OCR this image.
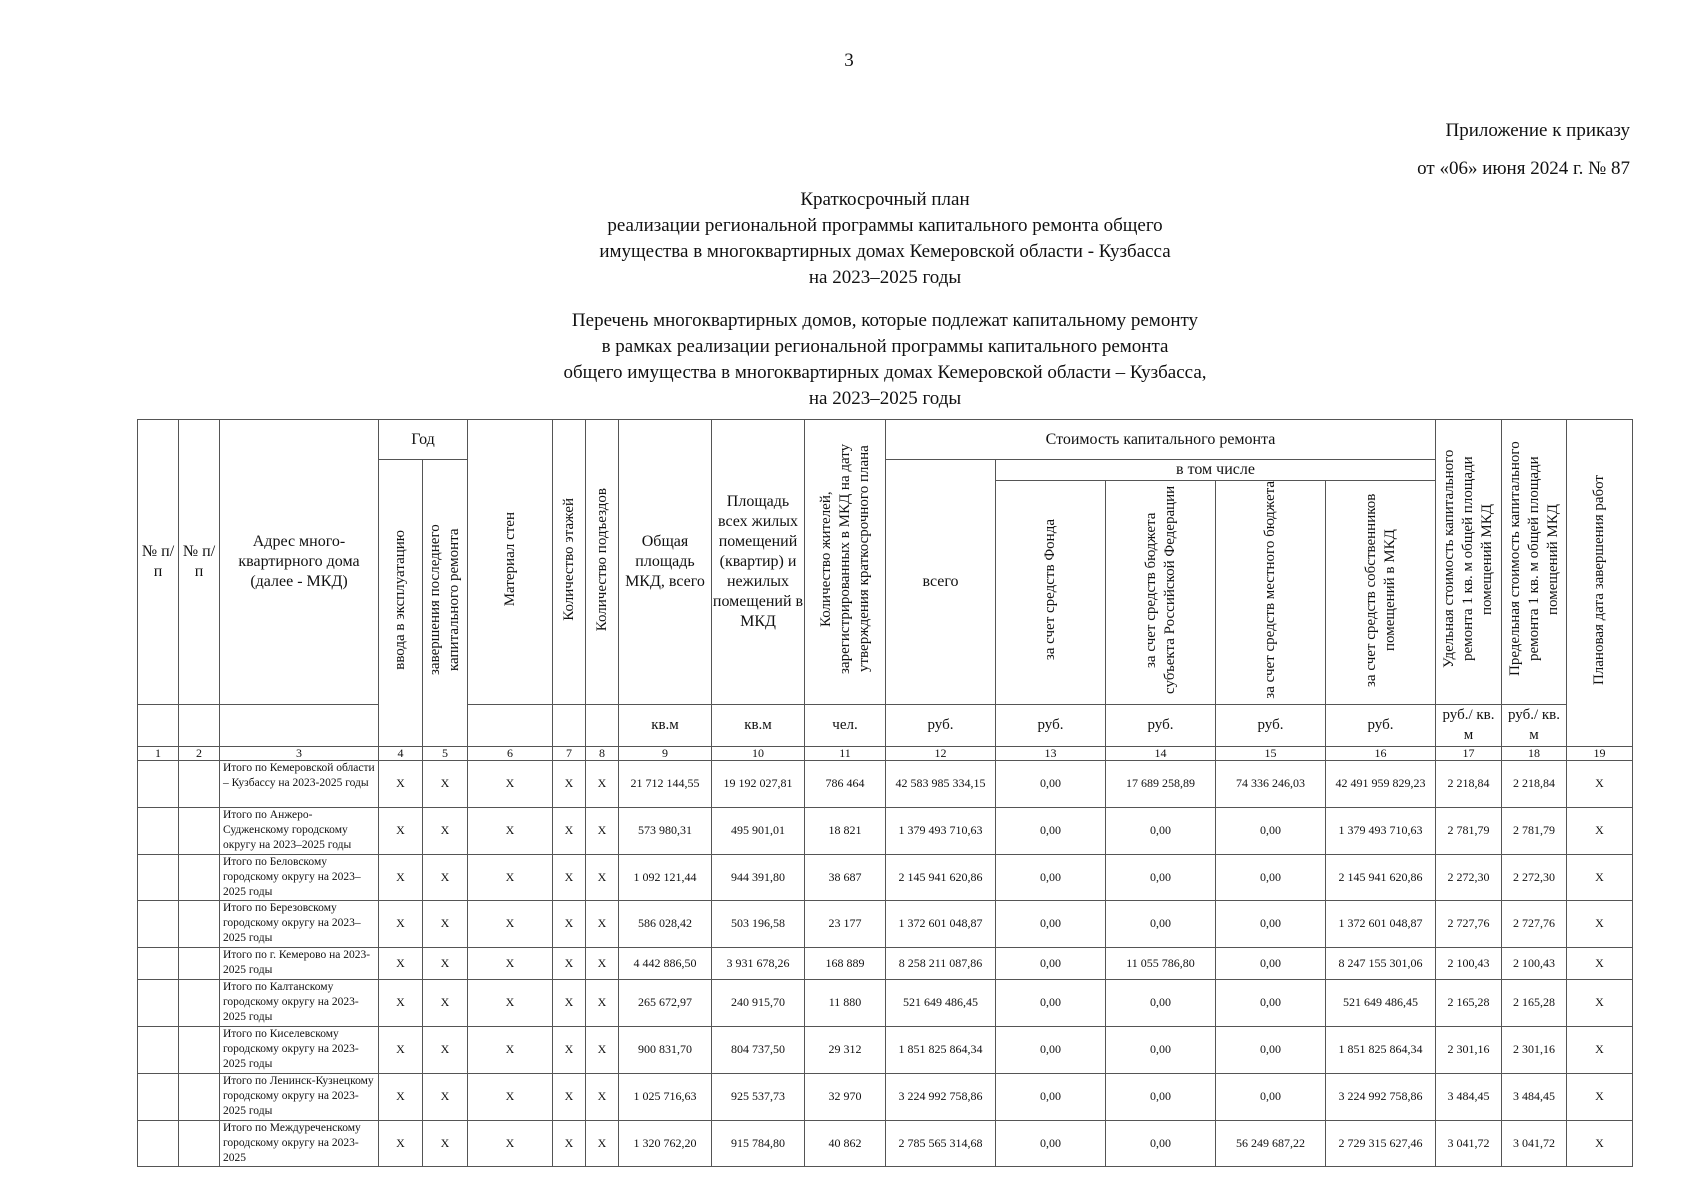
3
Приложение к приказу
от «06» июня 2024 г. № 87
Краткосрочный план
реализации региональной программы капитального ремонта общего
имущества в многоквартирных домах Кемеровской области - Кузбасса
на 2023–2025 годы
Перечень многоквартирных домов, которые подлежат капитальному ремонту
в рамках реализации региональной программы капитального ремонта
общего имущества в многоквартирных домах Кемеровской области – Кузбасса,
на 2023–2025 годы
№ п/п	№ п/п	Адрес много-квартирного дома (далее - МКД)	Год		Материал стен	Количество этажей	Количество подъездов	Общая площадь МКД, всего	Площадь всех жилых помещений (квартир) и нежилых помещений в МКД	Количество жителей, зарегистрированных в МКД на дату утверждения краткосрочного плана	Стоимость капитального ремонта					Удельная стоимость капитального ремонта 1 кв. м общей площади помещений МКД	Предельная стоимость капитального ремонта 1 кв. м общей площади помещений МКД	Плановая дата завершения работ
			ввода в эксплуатацию	завершения последнего капитального ремонта							всего	в том числе						
												за счет средств Фонда	за счет средств бюджета субъекта Российской Федерации	за счет средств местного бюджета	за счет средств собственников помещений в МКД			
								кв.м	кв.м	чел.	руб.	руб.	руб.	руб.	руб.	руб./ кв. м	руб./ кв. м	
1	2	3	4	5	6	7	8	9	10	11	12	13	14	15	16	17	18	19
		Итого по Кемеровской области – Кузбассу на 2023-2025 годы	X	X	X	X	X	21 712 144,55	19 192 027,81	786 464	42 583 985 334,15	0,00	17 689 258,89	74 336 246,03	42 491 959 829,23	2 218,84	2 218,84	X
		Итого по Анжеро-Судженскому городскому округу на 2023–2025 годы	X	X	X	X	X	573 980,31	495 901,01	18 821	1 379 493 710,63	0,00	0,00	0,00	1 379 493 710,63	2 781,79	2 781,79	X
		Итого по Беловскому городскому округу на 2023–2025 годы	X	X	X	X	X	1 092 121,44	944 391,80	38 687	2 145 941 620,86	0,00	0,00	0,00	2 145 941 620,86	2 272,30	2 272,30	X
		Итого по Березовскому городскому округу на 2023–2025 годы	X	X	X	X	X	586 028,42	503 196,58	23 177	1 372 601 048,87	0,00	0,00	0,00	1 372 601 048,87	2 727,76	2 727,76	X
		Итого по г. Кемерово на 2023-2025 годы	X	X	X	X	X	4 442 886,50	3 931 678,26	168 889	8 258 211 087,86	0,00	11 055 786,80	0,00	8 247 155 301,06	2 100,43	2 100,43	X
		Итого по Калтанскому городскому округу на 2023-2025 годы	X	X	X	X	X	265 672,97	240 915,70	11 880	521 649 486,45	0,00	0,00	0,00	521 649 486,45	2 165,28	2 165,28	X
		Итого по Киселевскому городскому округу на 2023-2025 годы	X	X	X	X	X	900 831,70	804 737,50	29 312	1 851 825 864,34	0,00	0,00	0,00	1 851 825 864,34	2 301,16	2 301,16	X
		Итого по Ленинск-Кузнецкому городскому округу на 2023-2025 годы	X	X	X	X	X	1 025 716,63	925 537,73	32 970	3 224 992 758,86	0,00	0,00	0,00	3 224 992 758,86	3 484,45	3 484,45	X
		Итого по Междуреченскому городскому округу на 2023-2025	X	X	X	X	X	1 320 762,20	915 784,80	40 862	2 785 565 314,68	0,00	0,00	56 249 687,22	2 729 315 627,46	3 041,72	3 041,72	X
